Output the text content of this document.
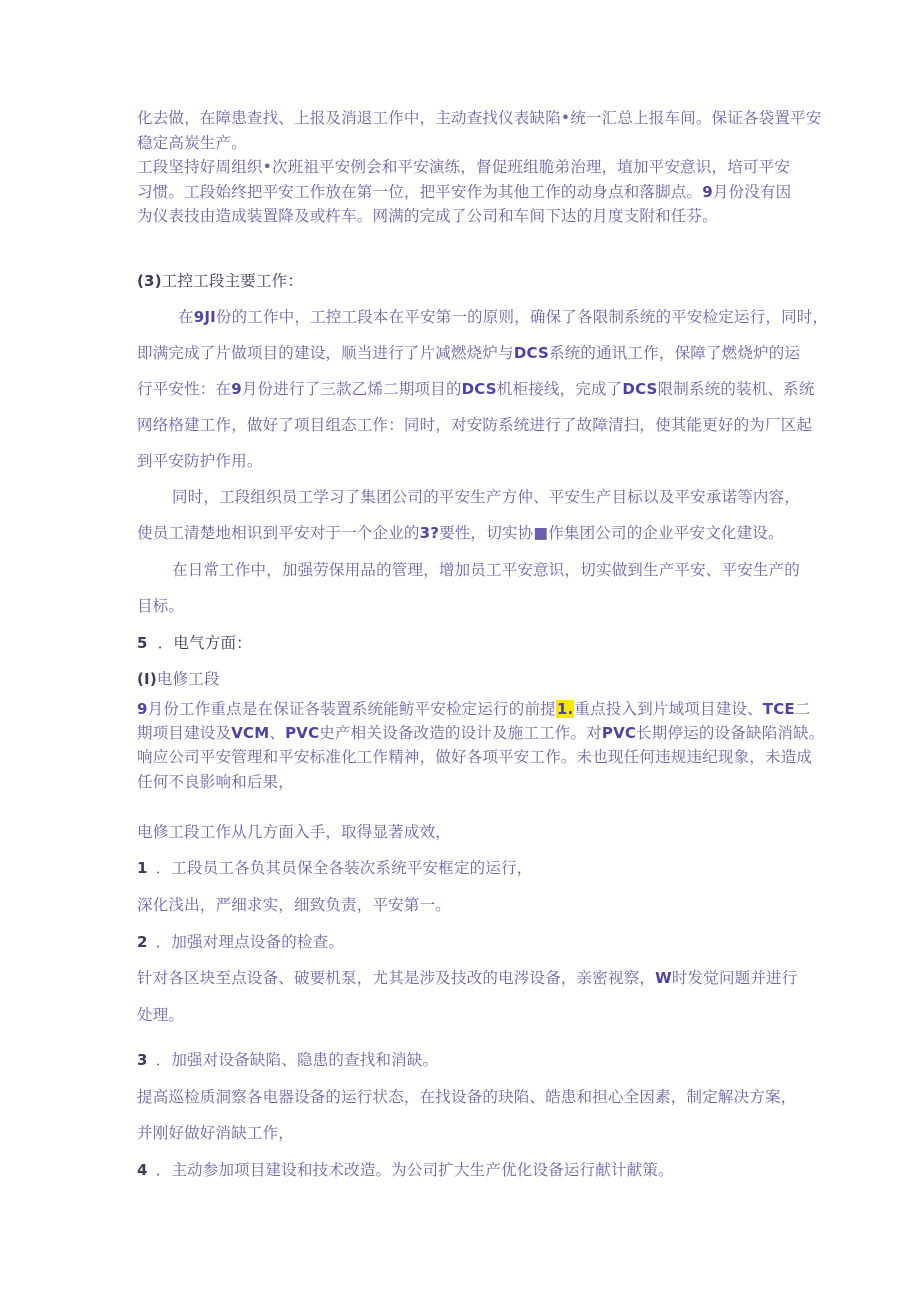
化去做，在障患查找、上报及消退工作中，主动查找仪表缺陷•统一汇总上报车间。保证各袋置平安
稳定高炭生产。
工段坚持好周组织•次班祖平安例会和平安演练，督促班组脆弟治理，埴加平安意识，培可平安
习惯。工段始终把平安工作放在第一位，把平安作为其他工作的动身点和落脚点。9月份没有因
为仪表技由造成装置降及或杵车。网满的完成了公司和车间下达的月度支附和任芬。
(3)工控工段主要工作：
在9JI份的工作中，工控工段本在平安第一的原则，确保了各限制系统的平安检定运行，同时，
即满完成了片做项目的建设，顺当进行了片减燃烧炉与DCS系统的通讯工作，保障了燃烧炉的运
行平安性：在9月份进行了三款乙烯二期项目的DCS机柜接线，完成了DCS限制系统的装机、系统
网络格建工作，做好了项目组态工作：同时，对安防系统进行了故障清扫，使其能更好的为厂区起
到平安防护作用。
同时，工段组织员工学习了集团公司的平安生产方仲、平安生产目标以及平安承诺等内容，
使员工清楚地相识到平安对于一个企业的3?要性，切实协■作集团公司的企业平安文化建设。
在日常工作中，加强劳保用品的管理，增加员工平安意识，切实做到生产平安、平安生产的
目标。
5 ．电气方面：
(I)电修工段
9月份工作重点是在保证各装置系统能鲂平安检定运行的前提1.重点投入到片域项目建设、TCE二
期项目建设及VCM、PVC史产相关设备改造的设计及施工工作。对PVC长期停运的设备缺陷消缺。
响应公司平安管理和平安标准化工作精神，做好各项平安工作。未也现任何违规违纪现象，未造成
任何不良影响和后果，
电修工段工作从几方面入手，取得显著成效，
1 ．工段员工各负其员保全各装次系统平安框定的运行，
深化浅出，严细求实，细致负责，平安第一。
2 ．加强对理点设备的检查。
针对各区块至点设备、破要机泵，尤其是涉及技改的电涔设备，亲密视察，W时发觉问题并进行
处理。
3 ．加强对设备缺陷、隐患的查找和消缺。
提高巡检质洞察各电器设备的运行状态，在找设备的玦陷、皓患和担心全因素，制定解决方案，
并刚好做好消缺工作，
4 ．主动参加项目建设和技术改造。为公司扩大生产优化设备运行献计献策。
